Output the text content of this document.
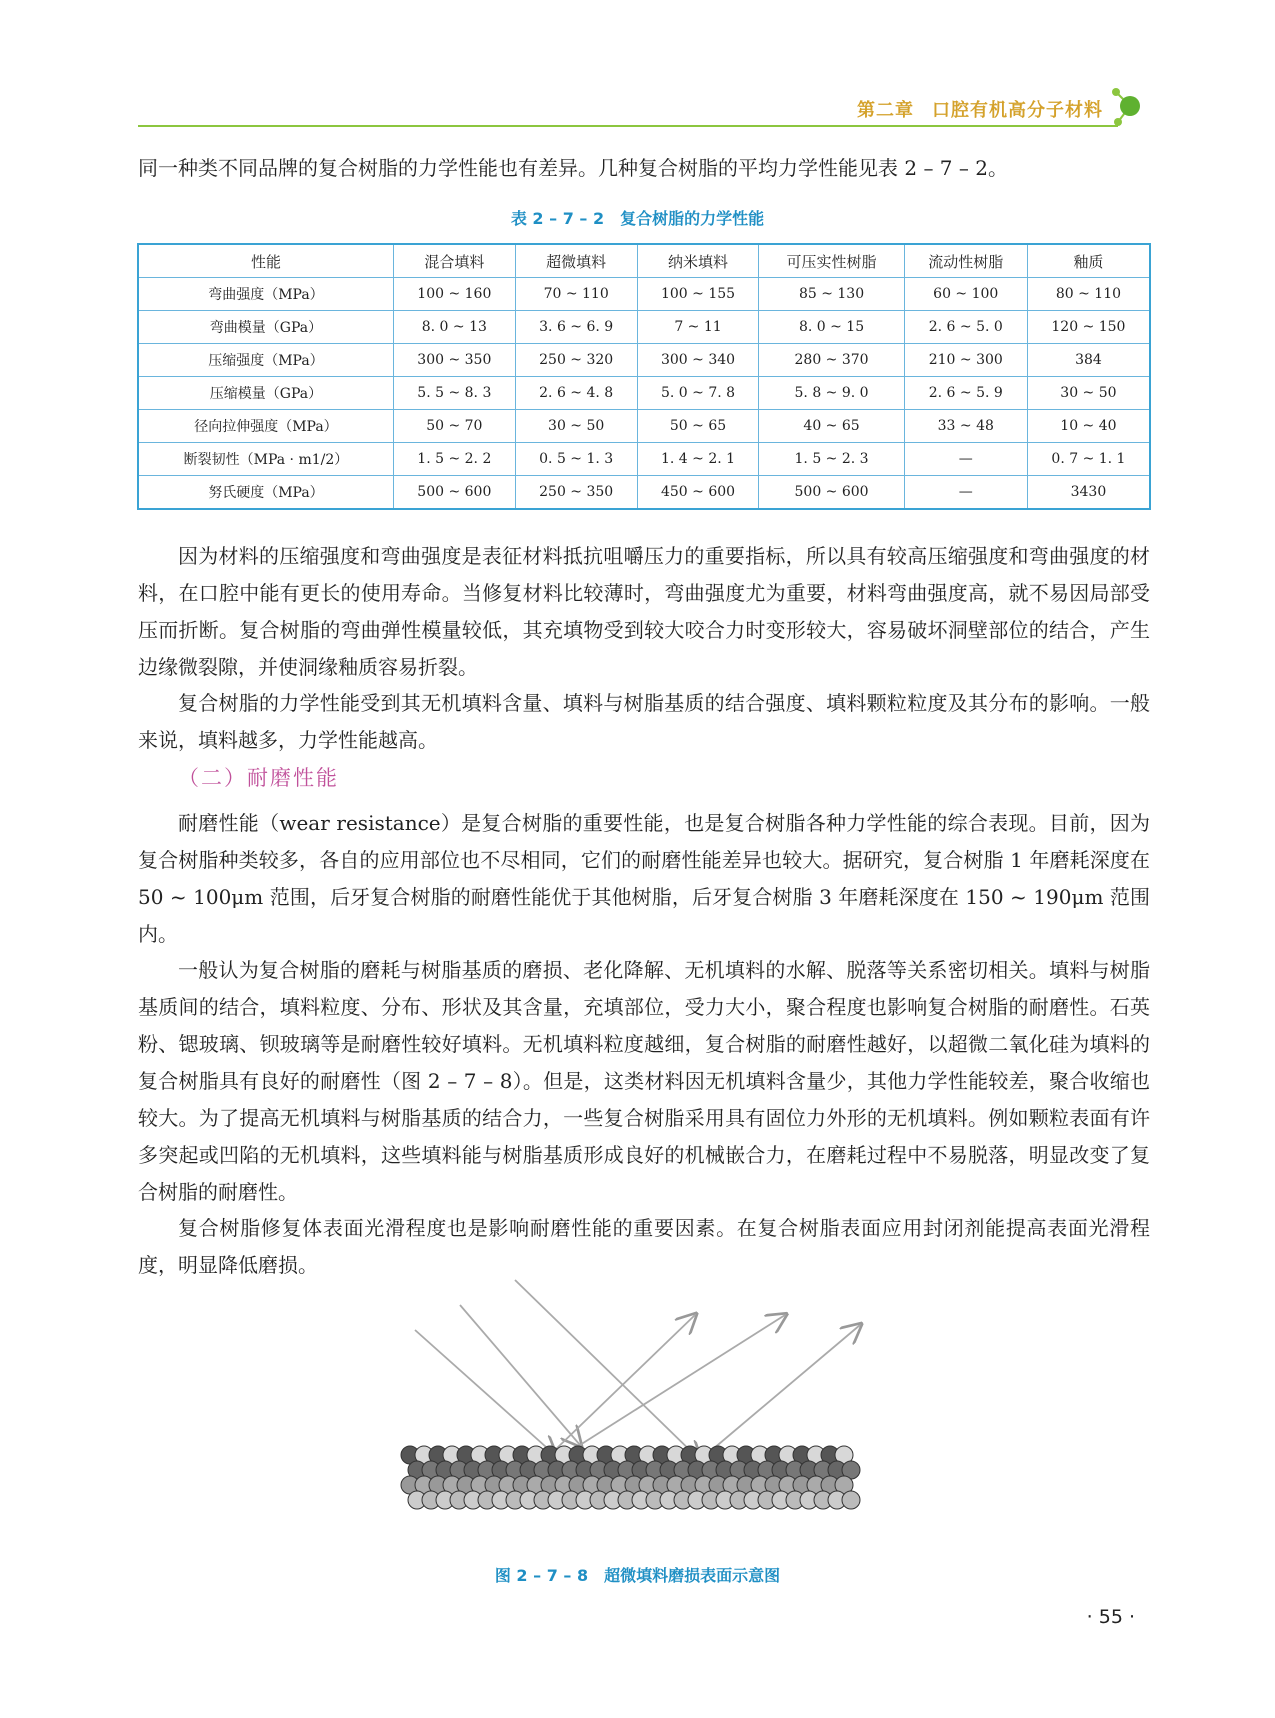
第二章 口腔有机高分子材料

同一种类不同品牌的复合树脂的力学性能也有差异。几种复合树脂的平均力学性能见表 2 – 7 – 2。

表 2 – 7 – 2　复合树脂的力学性能
性能	混合填料	超微填料	纳米填料	可压实性树脂	流动性树脂	釉质
弯曲强度（MPa）	100 ~ 160	70 ~ 110	100 ~ 155	85 ~ 130	60 ~ 100	80 ~ 110
弯曲模量（GPa）	8. 0 ~ 13	3. 6 ~ 6. 9	7 ~ 11	8. 0 ~ 15	2. 6 ~ 5. 0	120 ~ 150
压缩强度（MPa）	300 ~ 350	250 ~ 320	300 ~ 340	280 ~ 370	210 ~ 300	384
压缩模量（GPa）	5. 5 ~ 8. 3	2. 6 ~ 4. 8	5. 0 ~ 7. 8	5. 8 ~ 9. 0	2. 6 ~ 5. 9	30 ~ 50
径向拉伸强度（MPa）	50 ~ 70	30 ~ 50	50 ~ 65	40 ~ 65	33 ~ 48	10 ~ 40
断裂韧性（MPa · m1/2）	1. 5 ~ 2. 2	0. 5 ~ 1. 3	1. 4 ~ 2. 1	1. 5 ~ 2. 3	—	0. 7 ~ 1. 1
努氏硬度（MPa）	500 ~ 600	250 ~ 350	450 ~ 600	500 ~ 600	—	3430

因为材料的压缩强度和弯曲强度是表征材料抵抗咀嚼压力的重要指标，所以具有较高压缩强度和弯曲强度的材料，在口腔中能有更长的使用寿命。当修复材料比较薄时，弯曲强度尤为重要，材料弯曲强度高，就不易因局部受压而折断。复合树脂的弯曲弹性模量较低，其充填物受到较大咬合力时变形较大，容易破坏洞壁部位的结合，产生边缘微裂隙，并使洞缘釉质容易折裂。

复合树脂的力学性能受到其无机填料含量、填料与树脂基质的结合强度、填料颗粒粒度及其分布的影响。一般来说，填料越多，力学性能越高。

（二）耐磨性能

耐磨性能（wear resistance）是复合树脂的重要性能，也是复合树脂各种力学性能的综合表现。目前，因为复合树脂种类较多，各自的应用部位也不尽相同，它们的耐磨性能差异也较大。据研究，复合树脂 1 年磨耗深度在 50 ~ 100μm 范围，后牙复合树脂的耐磨性能优于其他树脂，后牙复合树脂 3 年磨耗深度在 150 ~ 190μm 范围内。

一般认为复合树脂的磨耗与树脂基质的磨损、老化降解、无机填料的水解、脱落等关系密切相关。填料与树脂基质间的结合，填料粒度、分布、形状及其含量，充填部位，受力大小，聚合程度也影响复合树脂的耐磨性。石英粉、锶玻璃、钡玻璃等是耐磨性较好填料。无机填料粒度越细，复合树脂的耐磨性越好，以超微二氧化硅为填料的复合树脂具有良好的耐磨性（图 2 – 7 – 8）。但是，这类材料因无机填料含量少，其他力学性能较差，聚合收缩也较大。为了提高无机填料与树脂基质的结合力，一些复合树脂采用具有固位力外形的无机填料。例如颗粒表面有许多突起或凹陷的无机填料，这些填料能与树脂基质形成良好的机械嵌合力，在磨耗过程中不易脱落，明显改变了复合树脂的耐磨性。

复合树脂修复体表面光滑程度也是影响耐磨性能的重要因素。在复合树脂表面应用封闭剂能提高表面光滑程度，明显降低磨损。

图 2 – 7 – 8　超微填料磨损表面示意图
· 55 ·
